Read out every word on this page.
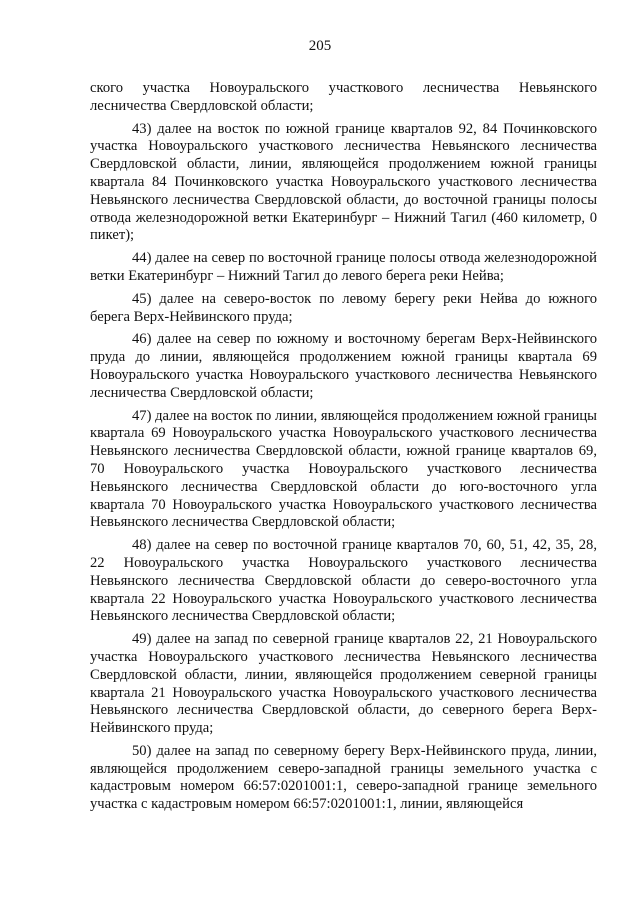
205

ского участка Новоуральского участкового лесничества Невьянского лесничества Свердловской области;

43) далее на восток по южной границе кварталов 92, 84 Починковского участка Новоуральского участкового лесничества Невьянского лесничества Свердловской области, линии, являющейся продолжением южной границы квартала 84 Починковского участка Новоуральского участкового лесничества Невьянского лесничества Свердловской области, до восточной границы полосы отвода железнодорожной ветки Екатеринбург – Нижний Тагил (460 километр, 0 пикет);

44) далее на север по восточной границе полосы отвода железнодорожной ветки Екатеринбург – Нижний Тагил до левого берега реки Нейва;

45) далее на северо-восток по левому берегу реки Нейва до южного берега Верх-Нейвинского пруда;

46) далее на север по южному и восточному берегам Верх-Нейвинского пруда до линии, являющейся продолжением южной границы квартала 69 Новоуральского участка Новоуральского участкового лесничества Невьянского лесничества Свердловской области;

47) далее на восток по линии, являющейся продолжением южной границы квартала 69 Новоуральского участка Новоуральского участкового лесничества Невьянского лесничества Свердловской области, южной границе кварталов 69, 70 Новоуральского участка Новоуральского участкового лесничества Невьянского лесничества Свердловской области до юго-восточного угла квартала 70 Новоуральского участка Новоуральского участкового лесничества Невьянского лесничества Свердловской области;

48) далее на север по восточной границе кварталов 70, 60, 51, 42, 35, 28, 22 Новоуральского участка Новоуральского участкового лесничества Невьянского лесничества Свердловской области до северо-восточного угла квартала 22 Новоуральского участка Новоуральского участкового лесничества Невьянского лесничества Свердловской области;

49) далее на запад по северной границе кварталов 22, 21 Новоуральского участка Новоуральского участкового лесничества Невьянского лесничества Свердловской области, линии, являющейся продолжением северной границы квартала 21 Новоуральского участка Новоуральского участкового лесничества Невьянского лесничества Свердловской области, до северного берега Верх-Нейвинского пруда;

50) далее на запад по северному берегу Верх-Нейвинского пруда, линии, являющейся продолжением северо-западной границы земельного участка с кадастровым номером 66:57:0201001:1, северо-западной границе земельного участка с кадастровым номером 66:57:0201001:1, линии, являющейся
